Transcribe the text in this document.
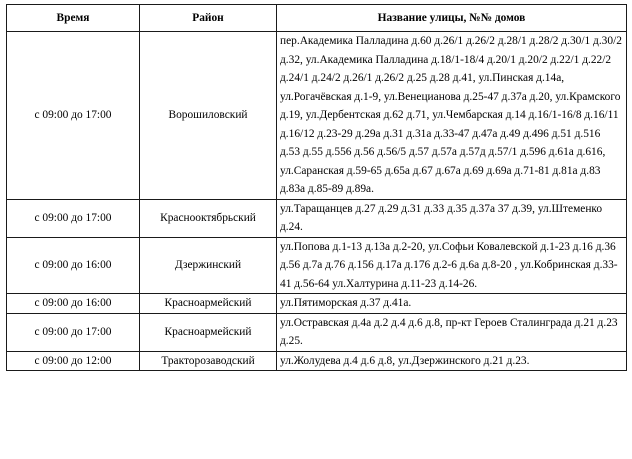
Время	Район	Название улицы, №№ домов
с 09:00 до 17:00	Ворошиловский	пер.Академика Палладина д.60 д.26/1 д.26/2 д.28/1 д.28/2 д.30/1 д.30/2 д.32, ул.Академика Палладина д.18/1-18/4 д.20/1 д.20/2 д.22/1 д.22/2 д.24/1 д.24/2 д.26/1 д.26/2 д.25 д.28 д.41, ул.Пинская д.14а, ул.Рогачёвская д.1-9, ул.Венецианова д.25-47 д.37а д.20, ул.Крамского д.19, ул.Дербентская д.62 д.71, ул.Чембарская д.14 д.16/1-16/8 д.16/11 д.16/12 д.23-29 д.29а д.31 д.31а д.33-47 д.47а д.49 д.496 д.51 д.516 д.53 д.55 д.556 д.56 д.56/5 д.57 д.57а д.57д д.57/1 д.596 д.61а д.616, ул.Саранская д.59-65 д.65а д.67 д.67а д.69 д.69а д.71-81 д.81а д.83 д.83а д.85-89 д.89а.
с 09:00 до 17:00	Краснооктябрьский	ул.Таращанцев д.27 д.29 д.31 д.33 д.35 д.37а 37 д.39, ул.Штеменко д.24.
с 09:00 до 16:00	Дзержинский	ул.Попова д.1-13 д.13а д.2-20, ул.Софьи Ковалевской д.1-23 д.16 д.36 д.56 д.7а д.76 д.156 д.17а д.176 д.2-6 д.6а д.8-20 , ул.Кобринская д.33-41 д.56-64 ул.Халтурина д.11-23 д.14-26.
с 09:00 до 16:00	Красноармейский	ул.Пятиморская д.37 д.41а.
с 09:00 до 17:00	Красноармейский	ул.Остравская д.4а д.2 д.4 д.6 д.8, пр-кт Героев Сталинграда д.21 д.23 д.25.
с 09:00 до 12:00	Тракторозаводский	ул.Жолудева д.4 д.6 д.8, ул.Дзержинского д.21 д.23.
